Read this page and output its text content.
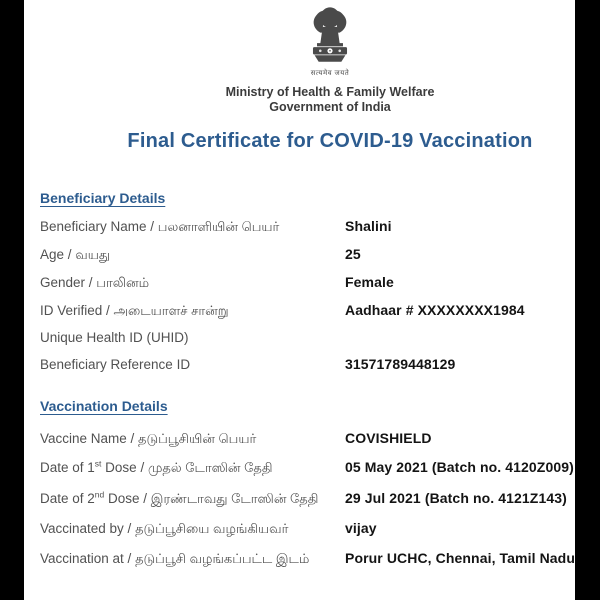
सत्यमेव जयते
Ministry of Health & Family Welfare
Government of India
Final Certificate for COVID-19 Vaccination
Beneficiary Details
Beneficiary Name / பலனாளியின் பெயர்	Shalini
Age / வயது	25
Gender / பாலினம்	Female
ID Verified / அடையாளச் சான்று	Aadhaar # XXXXXXXX1984
Unique Health ID (UHID)
Beneficiary Reference ID	31571789448129
Vaccination Details
Vaccine Name / தடுப்பூசியின் பெயர்	COVISHIELD
Date of 1st Dose / முதல் டோஸின் தேதி	05 May 2021 (Batch no. 4120Z009)
Date of 2nd Dose / இரண்டாவது டோஸின் தேதி 29 Jul 2021 (Batch no. 4121Z143)
Vaccinated by / தடுப்பூசியை வழங்கியவர்	vijay
Vaccination at / தடுப்பூசி வழங்கப்பட்ட இடம்	Porur UCHC, Chennai, Tamil Nadu
